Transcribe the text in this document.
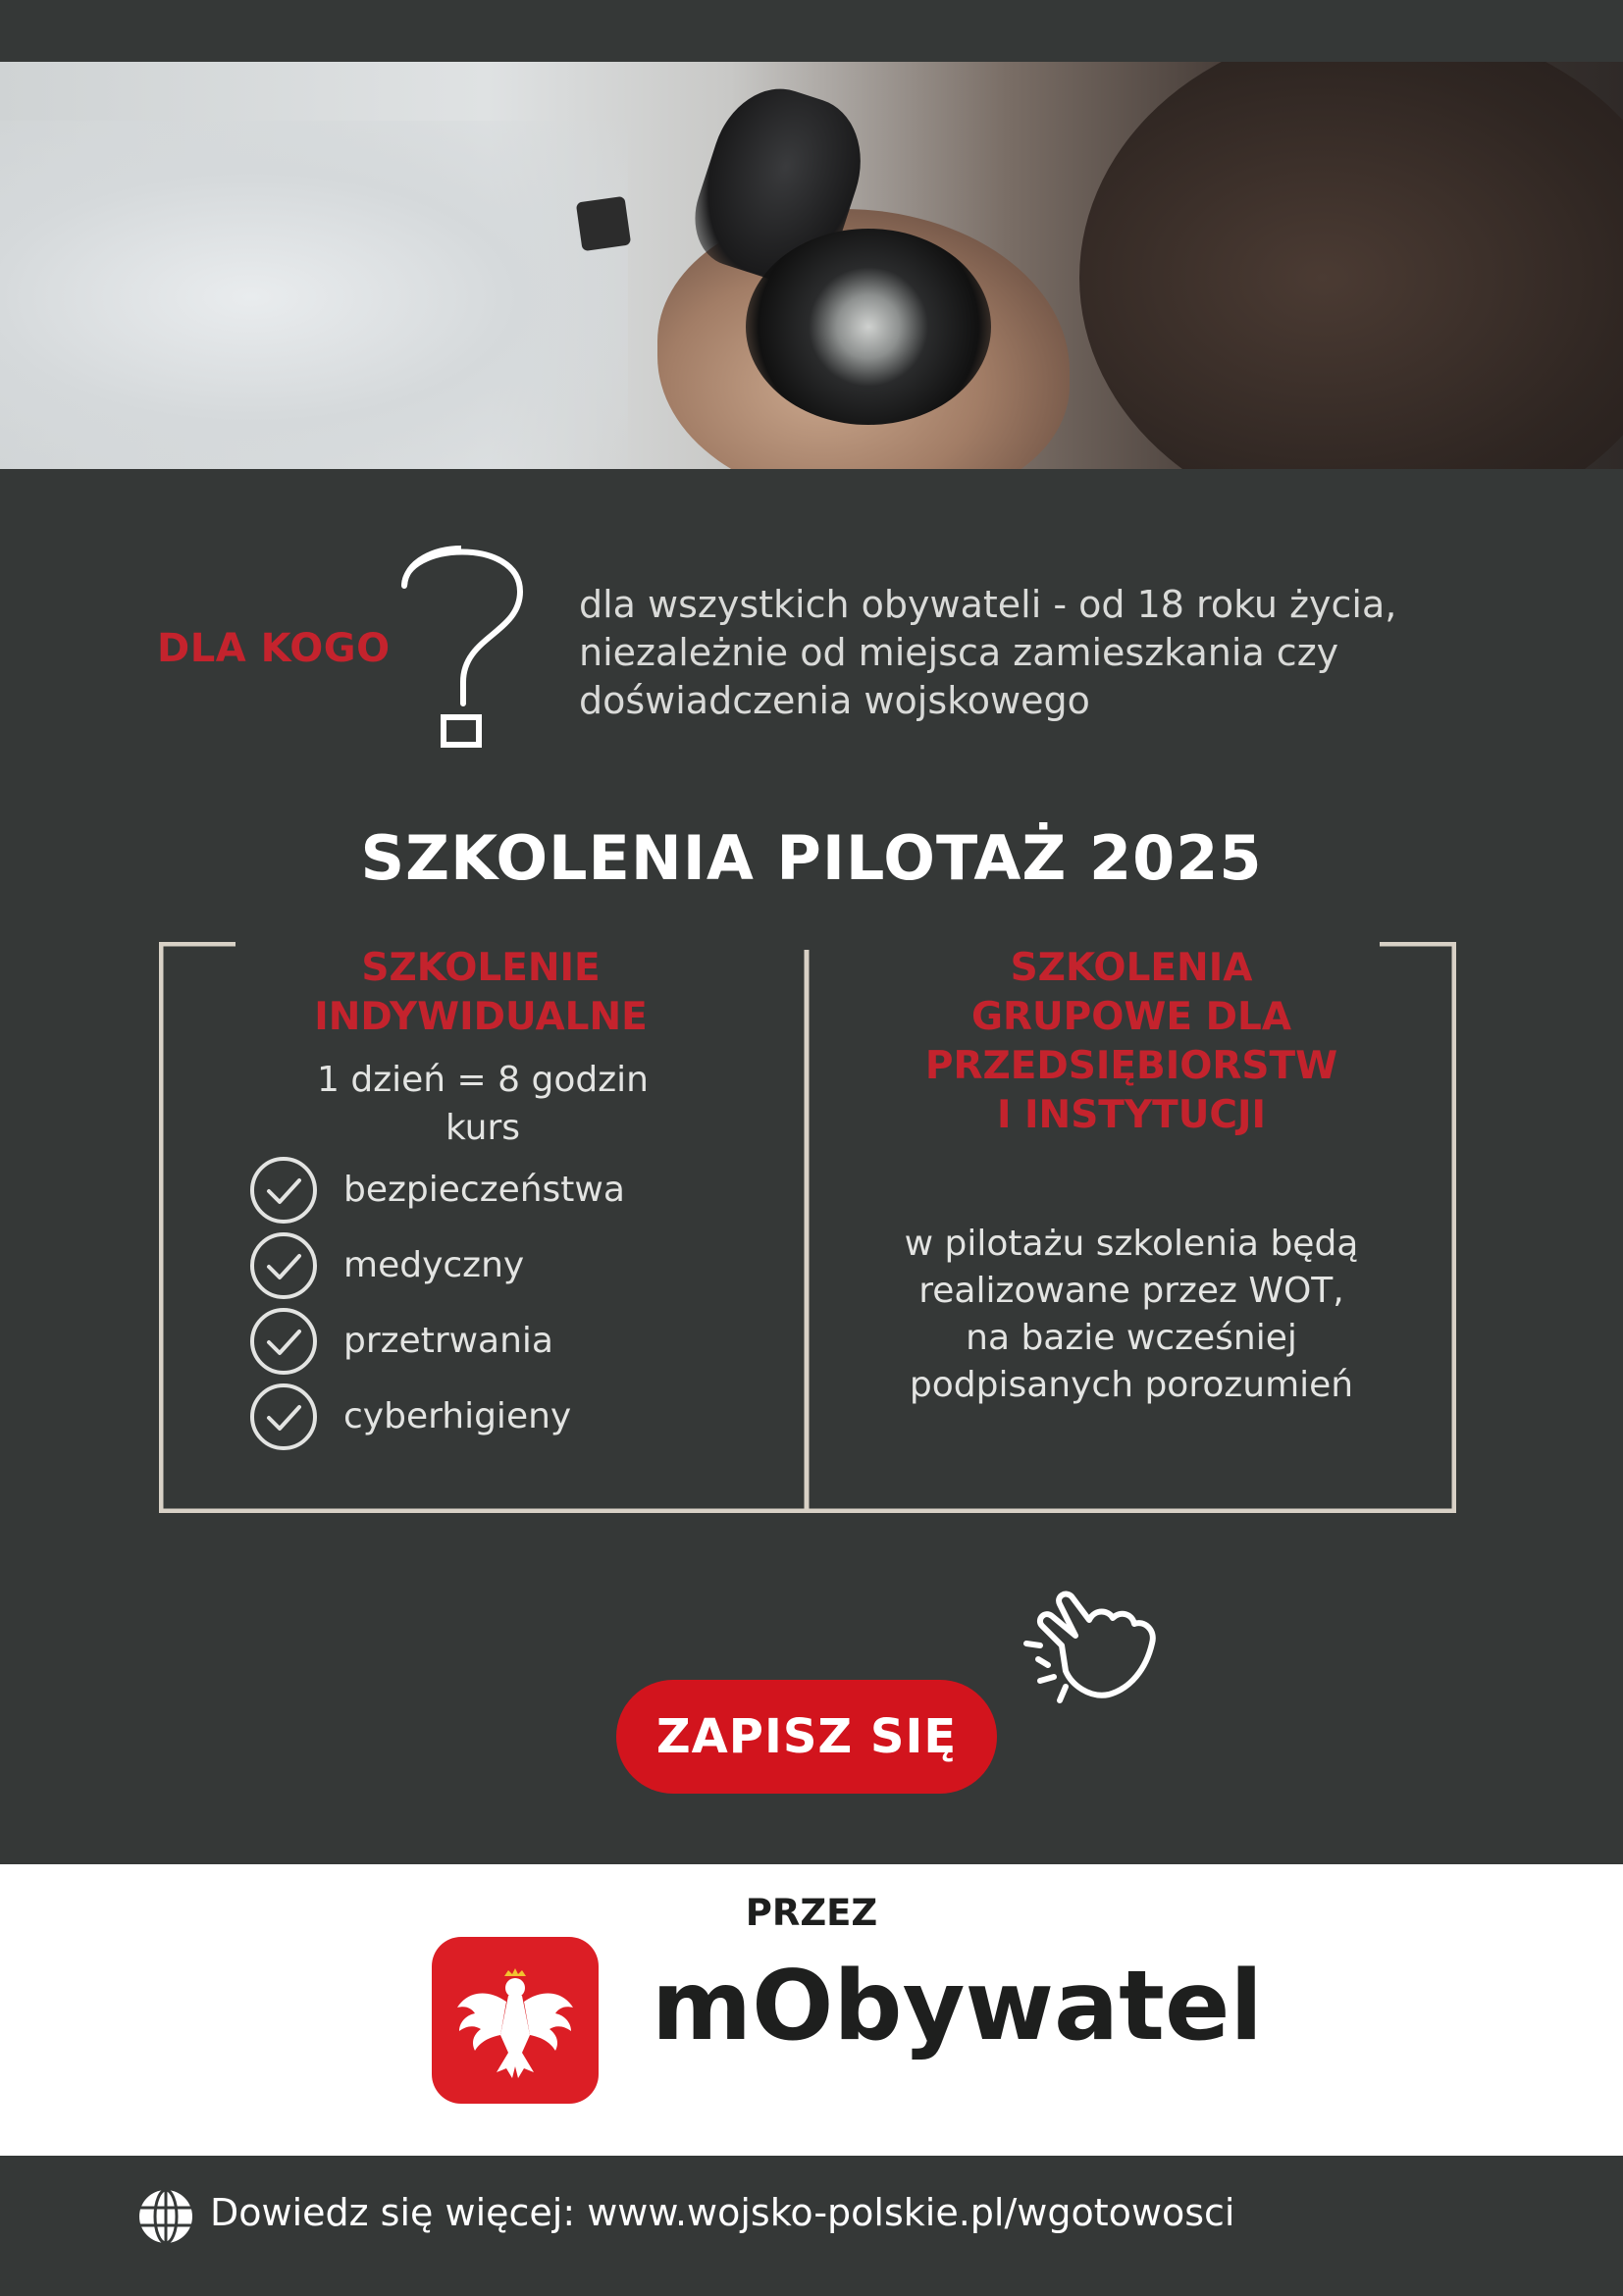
DLA KOGO
dla wszystkich obywateli - od 18 roku życia,
niezależnie od miejsca zamieszkania czy
doświadczenia wojskowego
SZKOLENIA PILOTAŻ 2025
SZKOLENIE
INDYWIDUALNE
1 dzień = 8 godzin
kurs
bezpieczeństwa
medyczny
przetrwania
cyberhigieny
SZKOLENIA
GRUPOWE DLA
PRZEDSIĘBIORSTW
I INSTYTUCJI
w pilotażu szkolenia będą
realizowane przez WOT,
na bazie wcześniej
podpisanych porozumień
ZAPISZ SIĘ
PRZEZ
mObywatel
Dowiedz się więcej: www.wojsko-polskie.pl/wgotowosci
